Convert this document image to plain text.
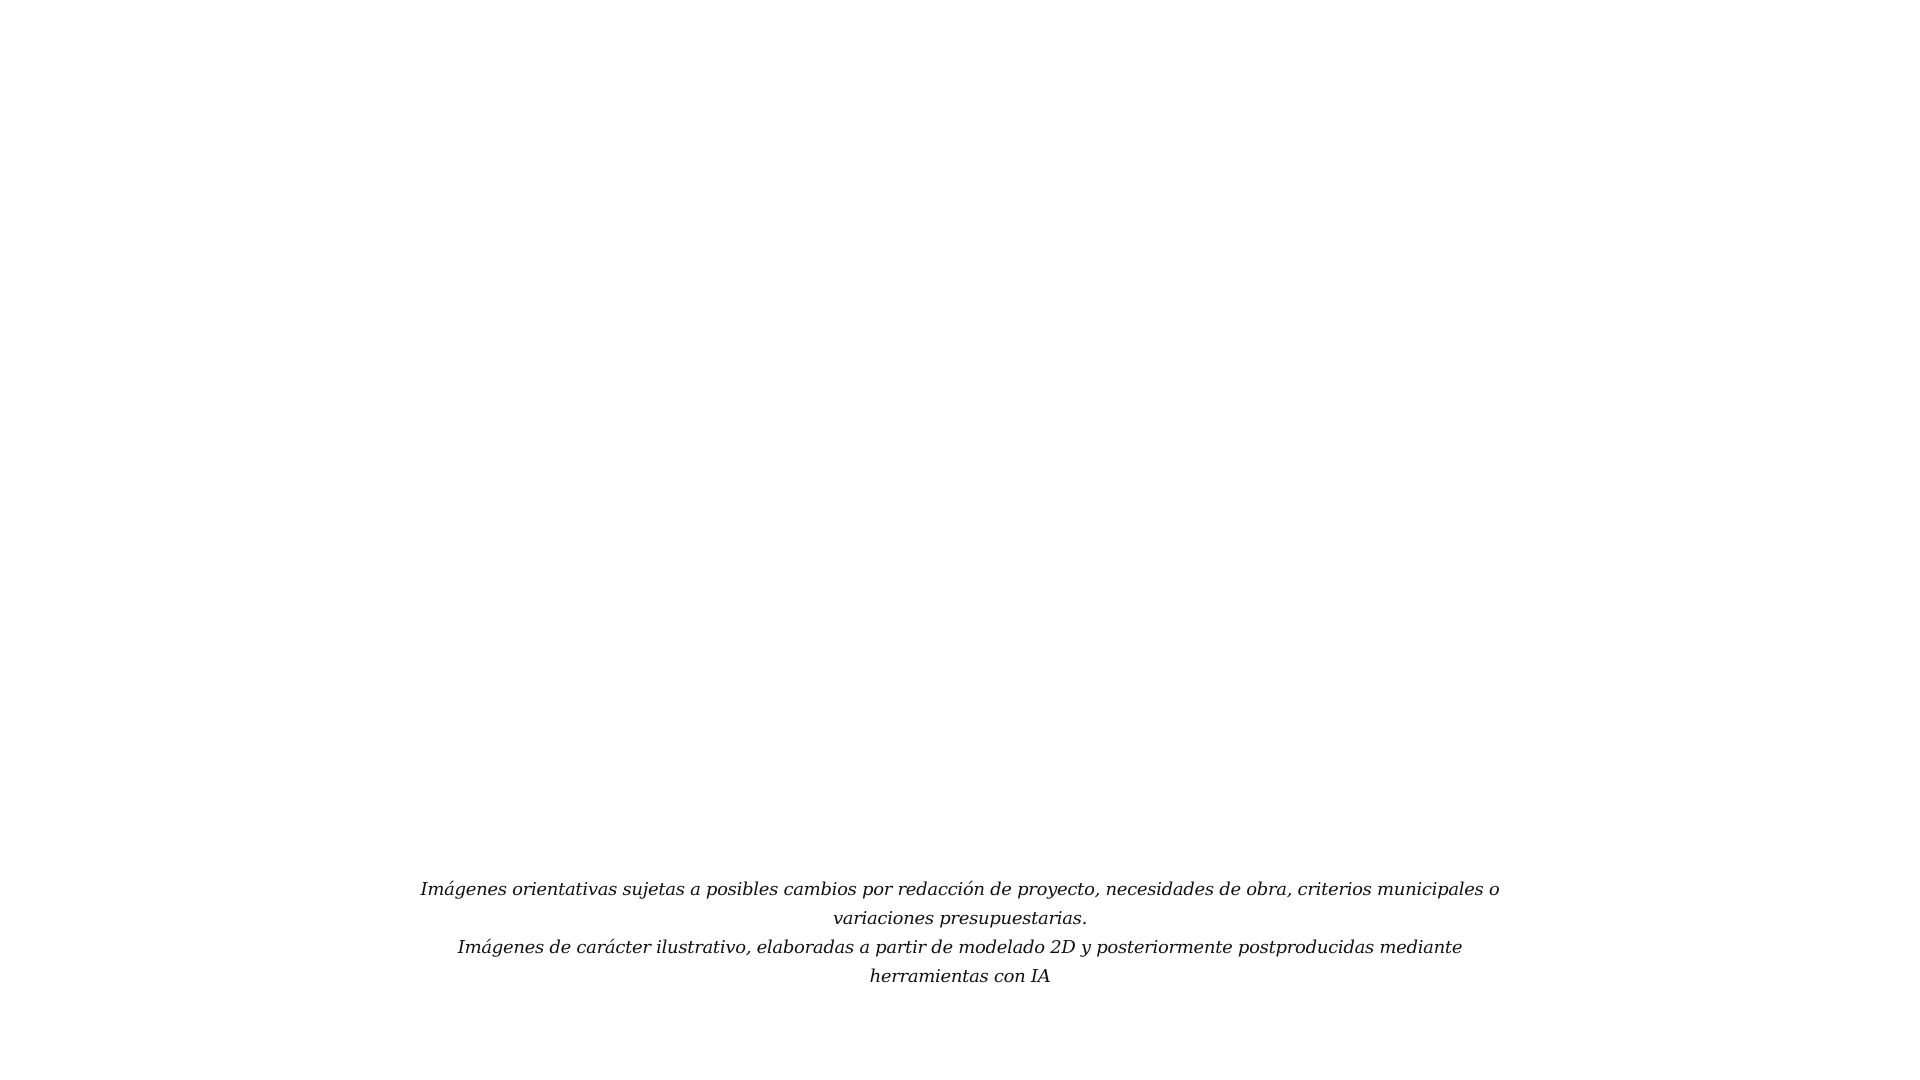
Imágenes orientativas sujetas a posibles cambios por redacción de proyecto, necesidades de obra, criterios municipales o variaciones presupuestarias.

Imágenes de carácter ilustrativo, elaboradas a partir de modelado 2D y posteriormente postproducidas mediante herramientas con IA
